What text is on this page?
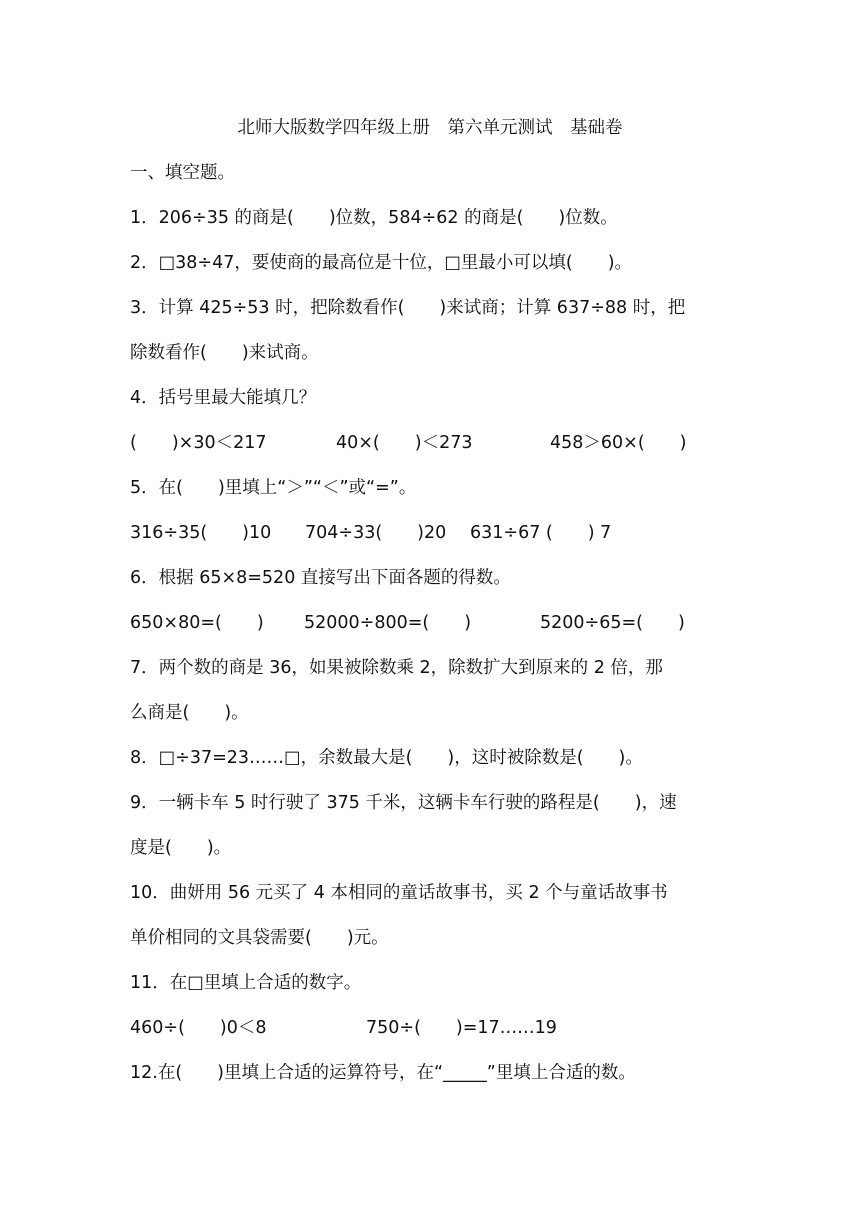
北师大版数学四年级上册　第六单元测试　基础卷
一、填空题。
1．206÷35 的商是(　　)位数，584÷62 的商是(　　)位数。
2．□38÷47，要使商的最高位是十位，□里最小可以填(　　)。
3．计算 425÷53 时，把除数看作(　　)来试商；计算 637÷88 时，把
除数看作(　　)来试商。
4．括号里最大能填几？
(　　)×30＜217	40×(　　)＜273	458＞60×(　　)
5．在(　　)里填上“＞”“＜”或“=”。
316÷35(　　)10 704÷33(　　)20 631÷67 (　　) 7
6．根据 65×8=520 直接写出下面各题的得数。
650×80=(　　) 52000÷800=(　　)	5200÷65=(　　)
7．两个数的商是 36，如果被除数乘 2，除数扩大到原来的 2 倍，那
么商是(　　)。
8．□÷37=23……□，余数最大是(　　)，这时被除数是(　　)。
9．一辆卡车 5 时行驶了 375 千米，这辆卡车行驶的路程是(　　)，速
度是(　　)。
10．曲妍用 56 元买了 4 本相同的童话故事书，买 2 个与童话故事书
单价相同的文具袋需要(　　)元。
11．在□里填上合适的数字。
460÷(　　)0＜8	750÷(　　)=17……19
12.在(　　)里填上合适的运算符号，在“_____”里填上合适的数。
